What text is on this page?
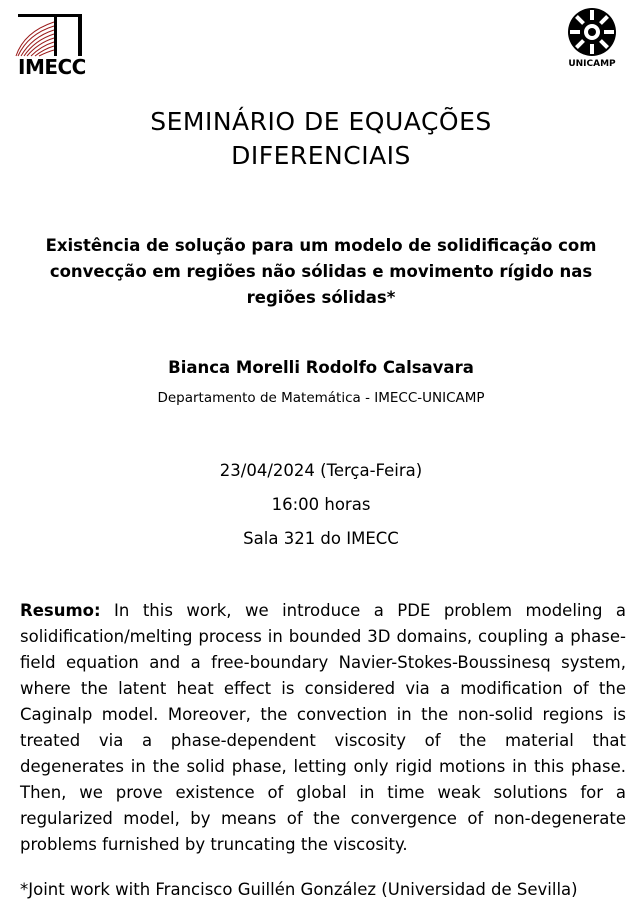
IMECC	UNICAMP
SEMINÁRIO DE EQUAÇÕES DIFERENCIAIS
Existência de solução para um modelo de solidificação com convecção em regiões não sólidas e movimento rígido nas regiões sólidas*
Bianca Morelli Rodolfo Calsavara
Departamento de Matemática - IMECC-UNICAMP
23/04/2024 (Terça-Feira)
16:00 horas
Sala 321 do IMECC
Resumo: In this work, we introduce a PDE problem modeling a solidification/melting process in bounded 3D domains, coupling a phase-field equation and a free-boundary Navier-Stokes-Boussinesq system, where the latent heat effect is considered via a modification of the Caginalp model. Moreover, the convection in the non-solid regions is treated via a phase-dependent viscosity of the material that degenerates in the solid phase, letting only rigid motions in this phase. Then, we prove existence of global in time weak solutions for a regularized model, by means of the convergence of non-degenerate problems furnished by truncating the viscosity.
*Joint work with Francisco Guillén González (Universidad de Sevilla)
